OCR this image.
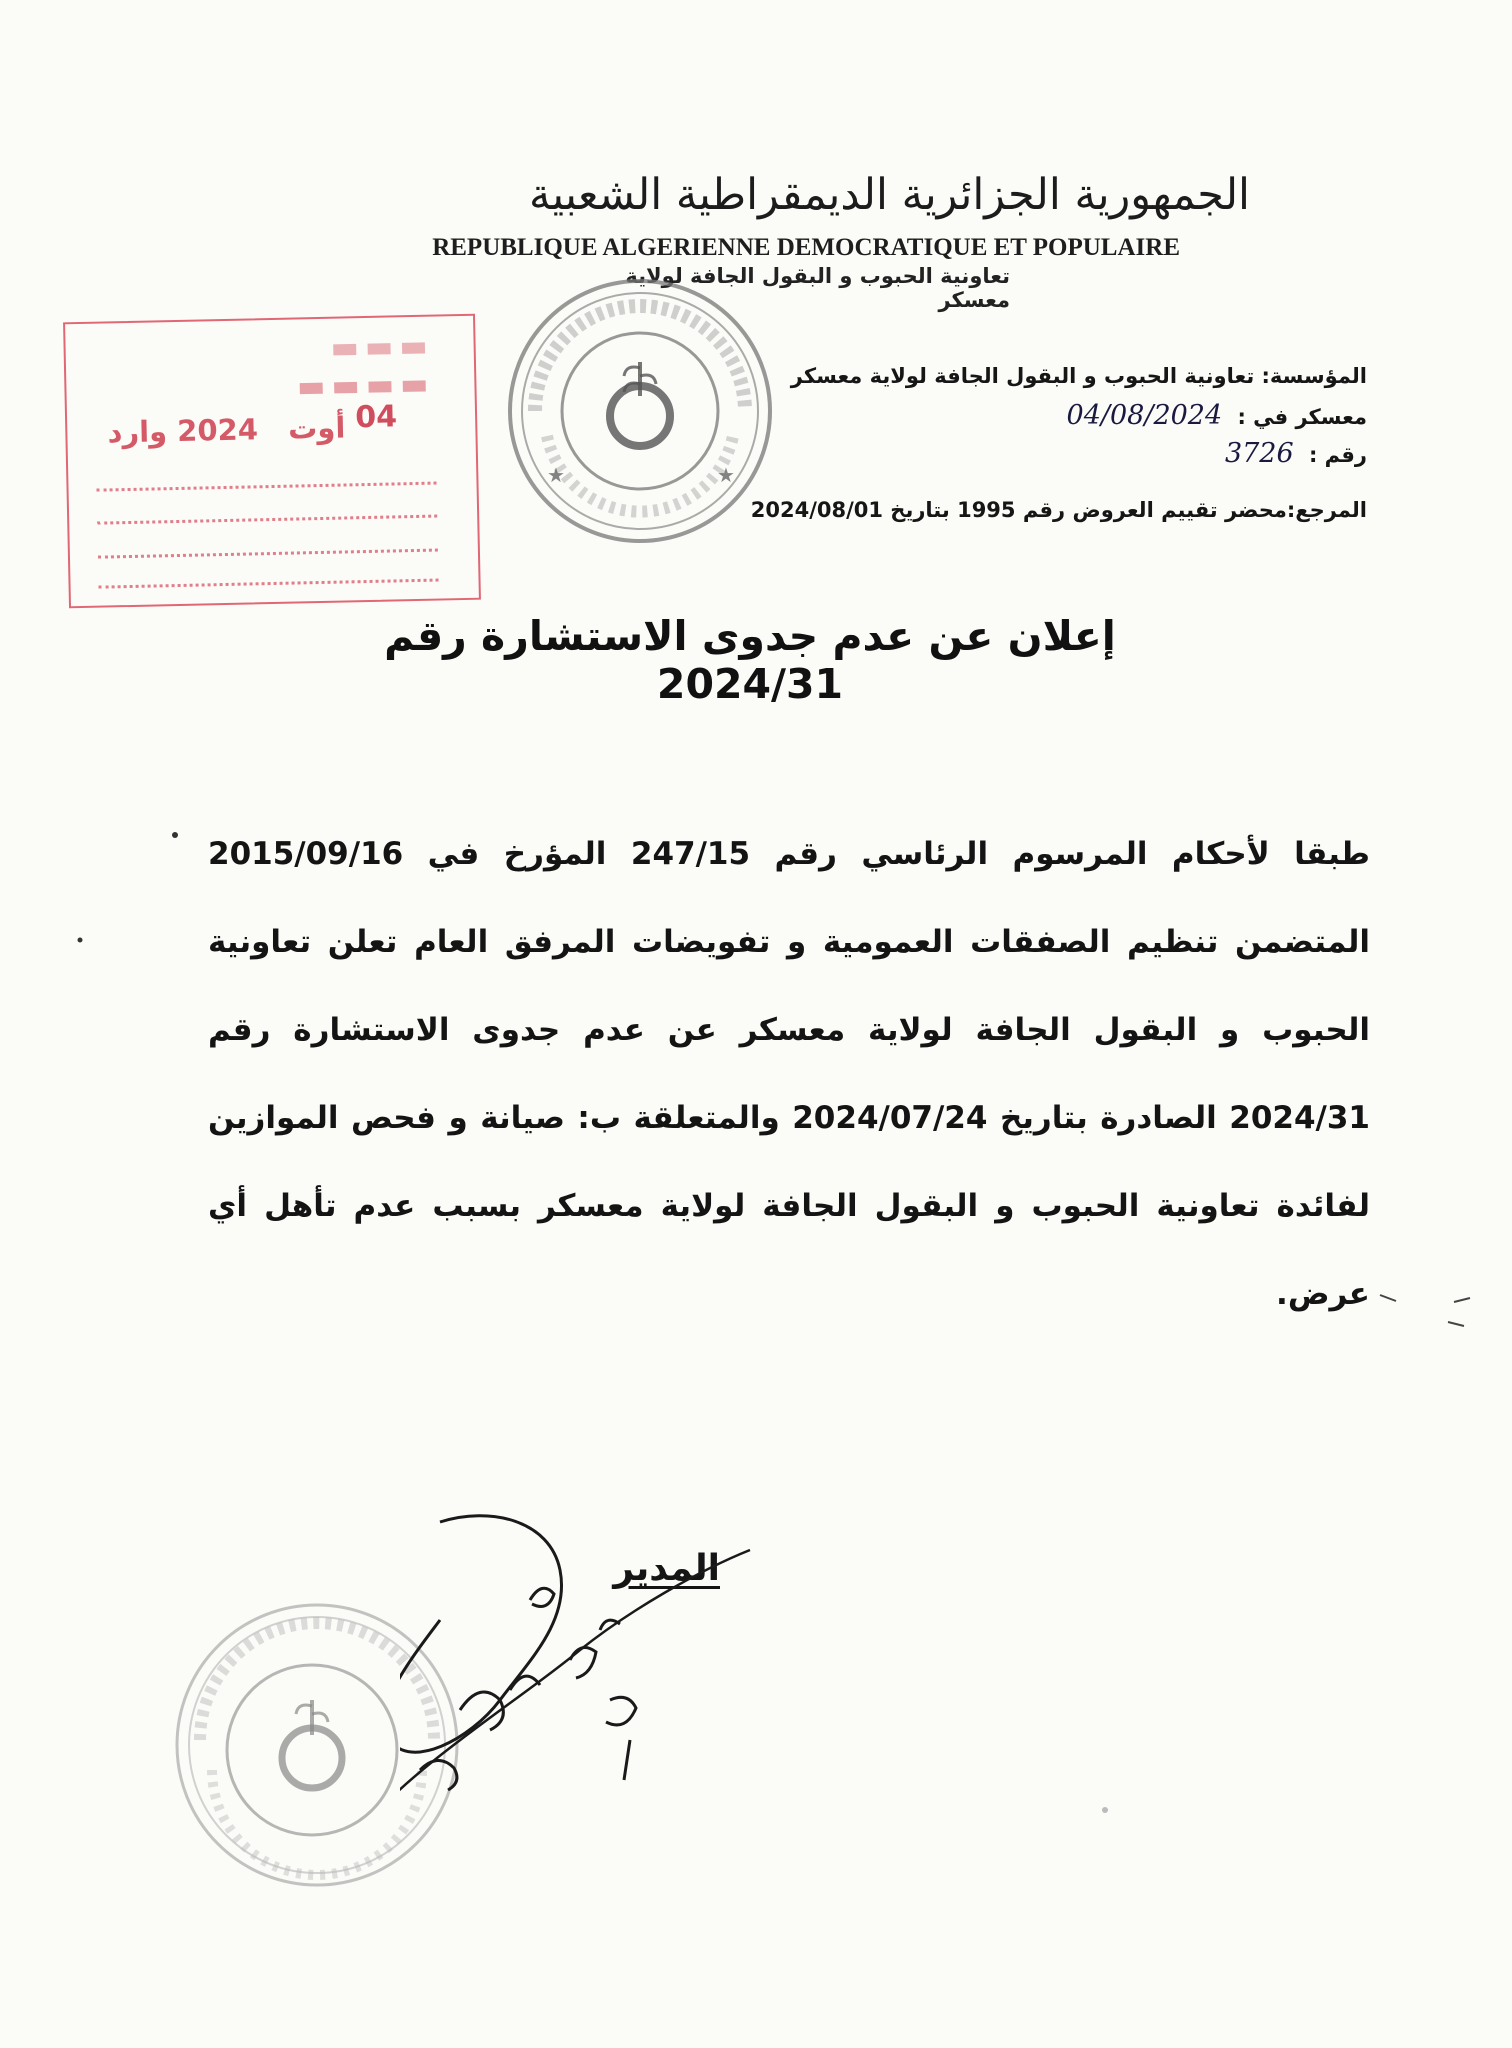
الجمهورية الجزائرية الديمقراطية الشعبية
REPUBLIQUE ALGERIENNE DEMOCRATIQUE ET POPULAIRE
تعاونية الحبوب و البقول الجافة لولاية معسكر
★	★
▬▬▬
▬▬▬▬
04
أوت   2024 وارد
المؤسسة: تعاونية الحبوب و البقول الجافة لولاية معسكر
معسكر في : 04/08/2024
رقم : 3726
المرجع:محضر تقييم العروض رقم 1995 بتاريخ 2024/08/01
إعلان عن عدم جدوى الاستشارة رقم 2024/31

طبقا لأحكام المرسوم الرئاسي رقم 247/15 المؤرخ في 2015/09/16 المتضمن تنظيم الصفقات العمومية و تفويضات المرفق العام تعلن تعاونية الحبوب و البقول الجافة لولاية معسكر عن عدم جدوى الاستشارة رقم 2024/31 الصادرة بتاريخ 2024/07/24 والمتعلقة ب: صيانة و فحص الموازين لفائدة تعاونية الحبوب و البقول الجافة لولاية معسكر بسبب عدم تأهل أي عرض.

المدير
